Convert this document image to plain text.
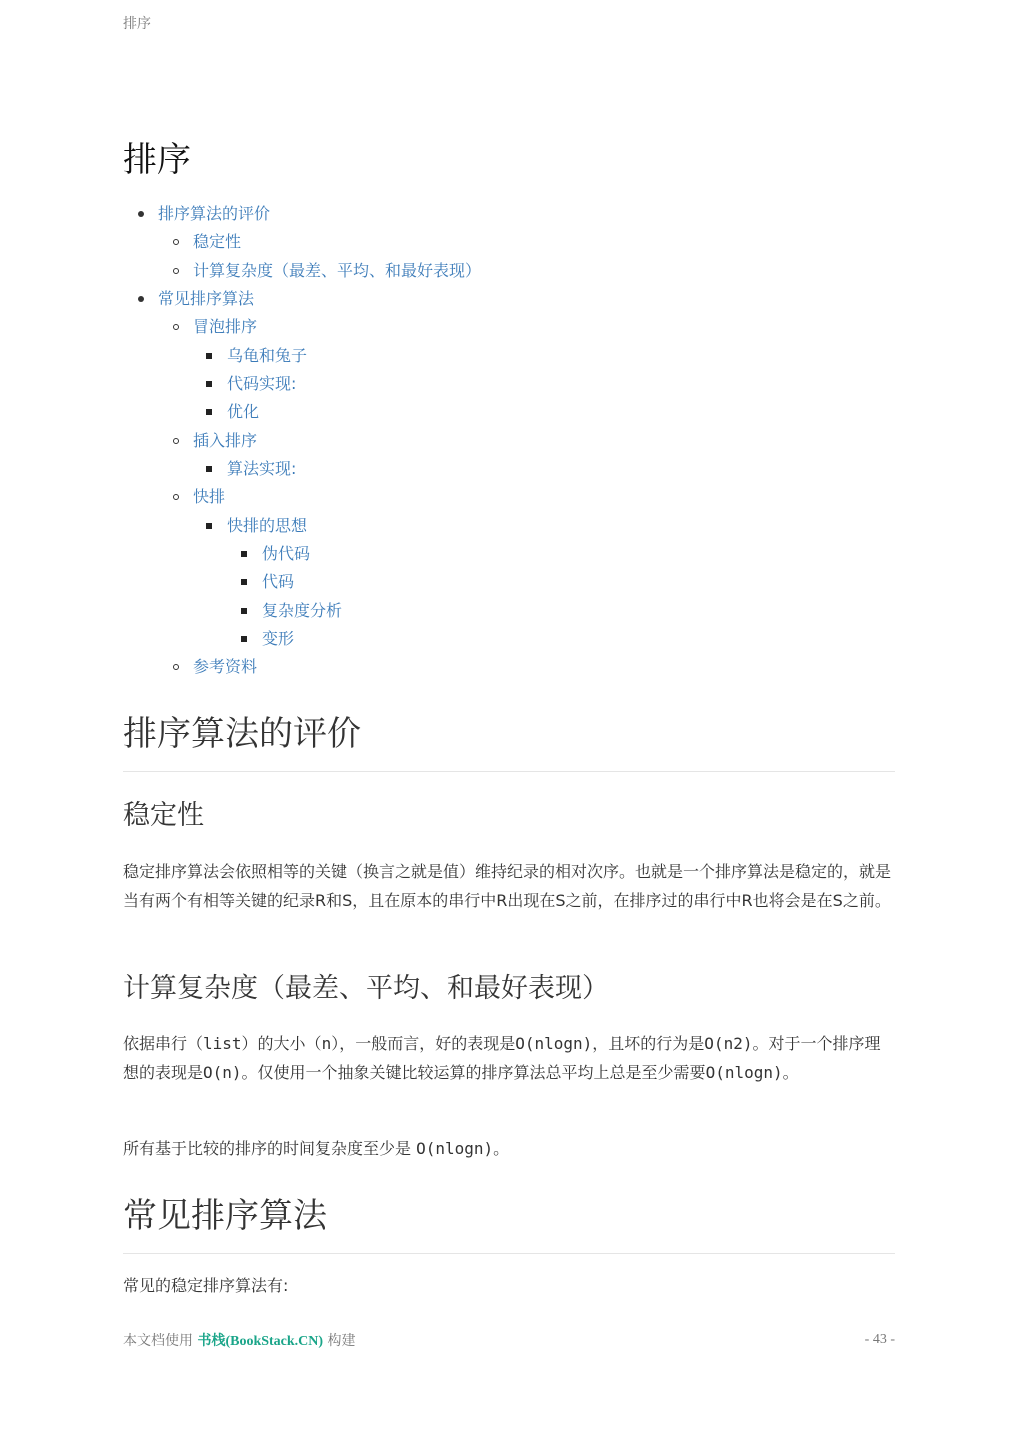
排序
排序
排序算法的评价
稳定性
计算复杂度（最差、平均、和最好表现）
常见排序算法
冒泡排序
乌龟和兔子
代码实现:
优化
插入排序
算法实现:
快排
快排的思想
伪代码
代码
复杂度分析
变形
参考资料
排序算法的评价
稳定性

稳定排序算法会依照相等的关键（换言之就是值）维持纪录的相对次序。也就是一个排序算法是稳定的，就是当有两个有相等关键的纪录R和S，且在原本的串行中R出现在S之前，在排序过的串行中R也将会是在S之前。

计算复杂度（最差、平均、和最好表现）

依据串行（list）的大小（n），一般而言，好的表现是O(nlogn)，且坏的行为是O(n2)。对于一个排序理想的表现是O(n)。仅使用一个抽象关键比较运算的排序算法总平均上总是至少需要O(nlogn)。

所有基于比较的排序的时间复杂度至少是 O(nlogn)。

常见排序算法

常见的稳定排序算法有:

本文档使用 书栈(BookStack.CN) 构建	- 43 -
